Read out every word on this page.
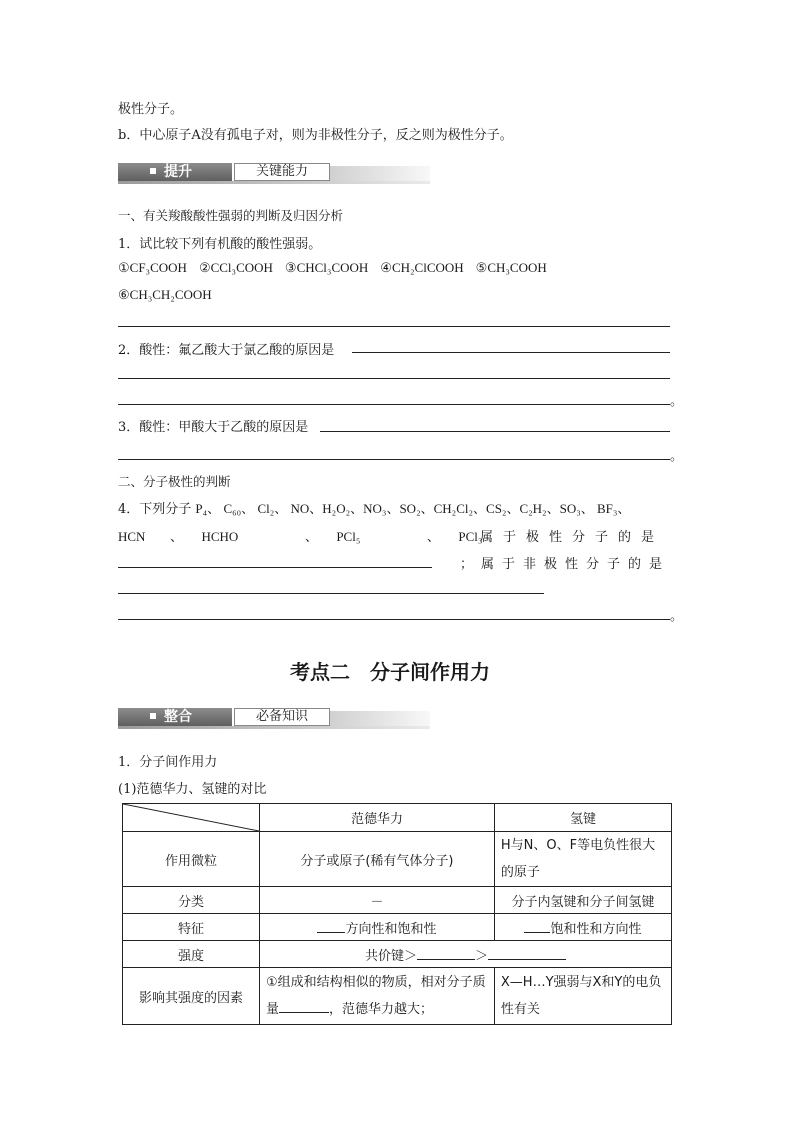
极性分子。
b．中心原子A没有孤电子对，则为非极性分子，反之则为极性分子。
提升	关键能力
一、有关羧酸酸性强弱的判断及归因分析
1．试比较下列有机酸的酸性强弱。
①CF₃COOH ②CCl₃COOH ③CHCl₃COOH ④CH₂ClCOOH ⑤CH₃COOH
⑥CH₃CH₂COOH
2．酸性：氟乙酸大于氯乙酸的原因是
。
3．酸性：甲酸大于乙酸的原因是
。
二、分子极性的判断
4．下列分子 P₄、 C₆₀、 Cl₂、 NO、H₂O₂、NO₃、SO₂、CH₂Cl₂、CS₂、C₂H₂、SO₃、 BF₃、
HCN 、 HCHO	、 PCl₅	、 PCl₃
属于极性分子的是
；属于非极性分子的是
。
考点二　分子间作用力
整合	必备知识
1．分子间作用力
(1)范德华力、氢键的对比
	范德华力	氢键
作用微粒	分子或原子(稀有气体分子)	H与N、O、F等电负性很大的原子
分类	－	分子内氢键和分子间氢键
特征	方向性和饱和性	饱和性和方向性
强度	共价键＞ ＞	
影响其强度的因素	①组成和结构相似的物质，相对分子质量 ，范德华力越大；	X—H…Y强弱与X和Y的电负性有关
